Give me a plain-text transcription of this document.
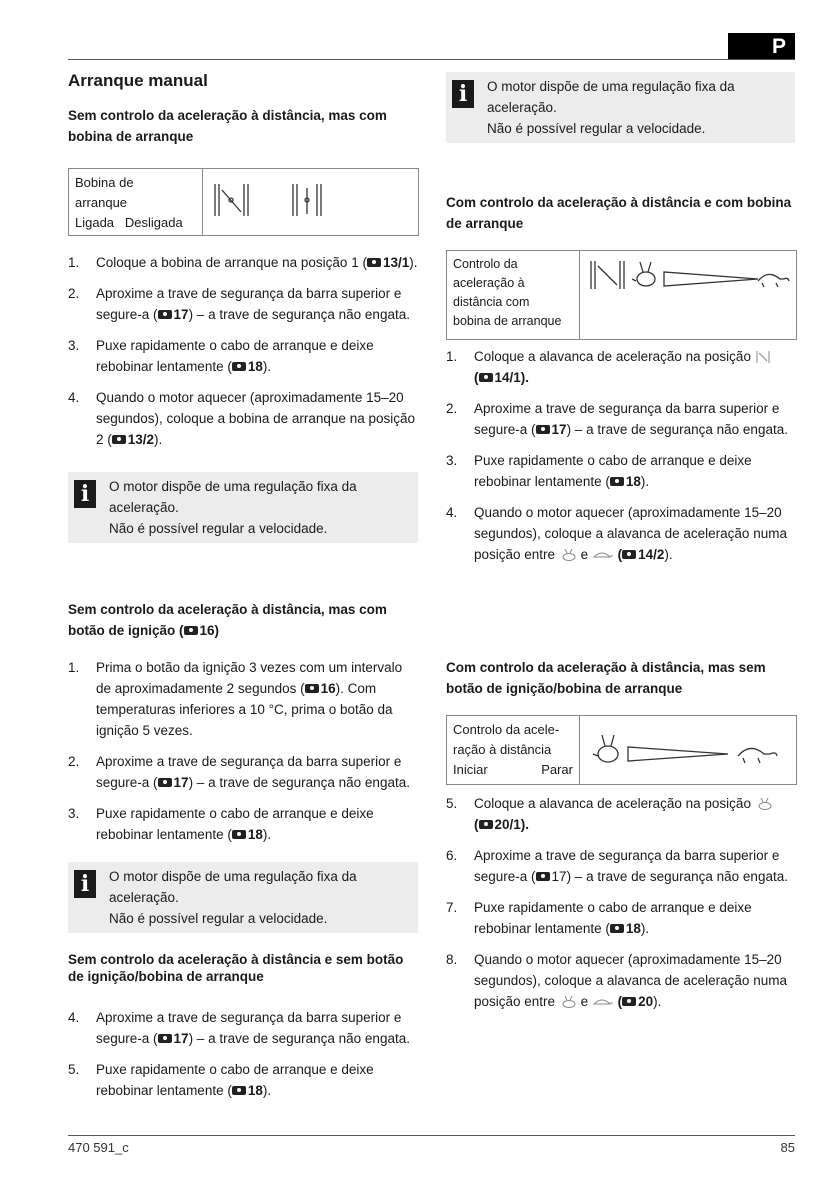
P
470 591_c	85
Arranque manual
Sem controlo da aceleração à distância, mas com bobina de arranque
Bobina de
arranque
Ligada   Desligada
1.	Coloque a bobina de arranque na posição 1 ( 13/1).
2.	Aproxime a trave de segurança da barra superior e segure-a ( 17) – a trave de segurança não engata.
3.	Puxe rapidamente o cabo de arranque e deixe rebobinar lentamente ( 18).
4.	Quando o motor aquecer (aproximadamente 15–20 segundos), coloque a bobina de arranque na posição 2 ( 13/2).
i	O motor dispõe de uma regulação fixa da
aceleração.
Não é possível regular a velocidade.
Sem controlo da aceleração à distância, mas com botão de ignição ( 16)
1.	Prima o botão da ignição 3 vezes com um intervalo de aproximadamente 2 segundos ( 16). Com temperaturas inferiores a 10 °C, prima o botão da ignição 5 vezes.
2.	Aproxime a trave de segurança da barra superior e segure-a ( 17) – a trave de segurança não engata.
3.	Puxe rapidamente o cabo de arranque e deixe rebobinar lentamente ( 18).
i	O motor dispõe de uma regulação fixa da
aceleração.
Não é possível regular a velocidade.
Sem controlo da aceleração à distância e sem botão de ignição/bobina de arranque
4.	Aproxime a trave de segurança da barra superior e segure-a ( 17) – a trave de segurança não engata.
5.	Puxe rapidamente o cabo de arranque e deixe rebobinar lentamente ( 18).
i	O motor dispõe de uma regulação fixa da
aceleração.
Não é possível regular a velocidade.
Com controlo da aceleração à distância e com bobina de arranque
Controlo da
aceleração à
distância com
bobina de arranque
1.	Coloque a alavanca de aceleração na posição
( 14/1).
2.	Aproxime a trave de segurança da barra superior e segure-a ( 17) – a trave de segurança não engata.
3.	Puxe rapidamente o cabo de arranque e deixe rebobinar lentamente ( 18).
4.	Quando o motor aquecer (aproximadamente 15–20 segundos), coloque a alavanca de aceleração numa posição entre  e  ( 14/2).
Com controlo da aceleração à distância, mas sem botão de ignição/bobina de arranque
Controlo da acele-
ração à distância
Iniciar	Parar
5.	Coloque a alavanca de aceleração na posição
( 20/1).
6.	Aproxime a trave de segurança da barra superior e segure-a ( 17) – a trave de segurança não engata.
7.	Puxe rapidamente o cabo de arranque e deixe rebobinar lentamente ( 18).
8.	Quando o motor aquecer (aproximadamente 15–20 segundos), coloque a alavanca de aceleração numa posição entre  e  ( 20).
